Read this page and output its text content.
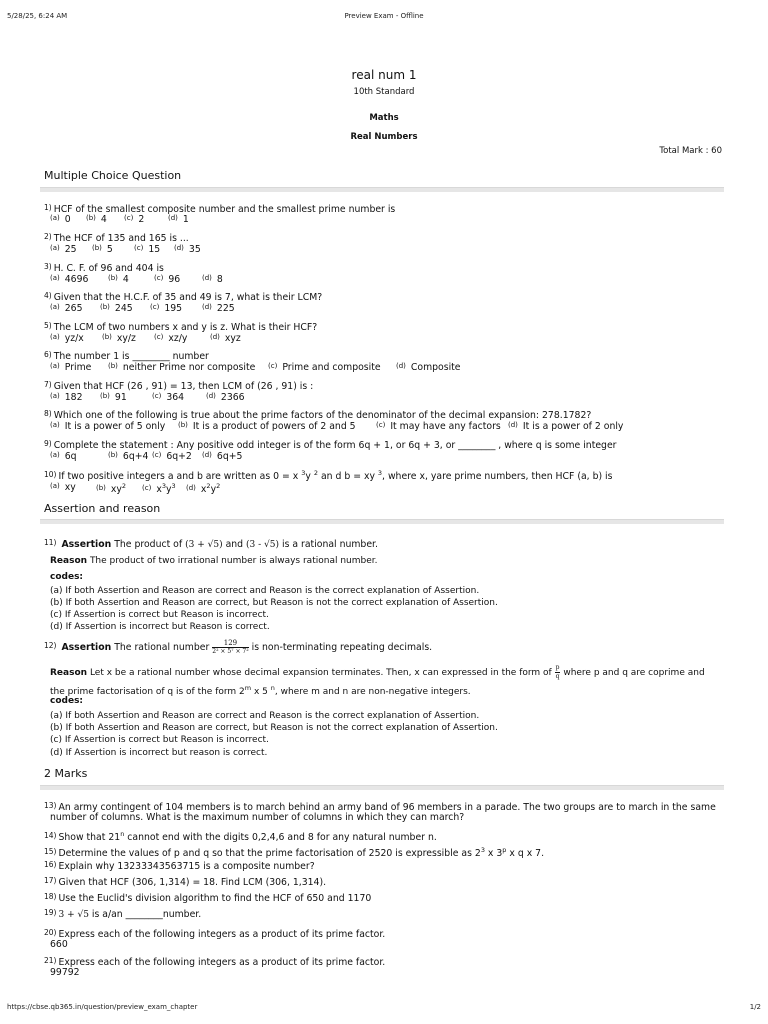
5/28/25, 6:24 AM	Preview Exam - Offline
real num 1
10th Standard
Maths
Real Numbers
Total Mark : 60
Multiple Choice Question
$^{1)}$ HCF of the smallest composite number and the smallest prime number is
$^{(a)}$ 0 $^{(b)}$ 4 $^{(c)}$ 2	$^{(d)}$ 1
$^{2)}$ The HCF of 135 and 165 is ...
$^{(a)}$ 25 $^{(b)}$ 5	$^{(c)}$ 15 $^{(d)}$ 35
$^{3)}$ H. C. F. of 96 and 404 is
$^{(a)}$ 4696	$^{(b)}$ 4	$^{(c)}$ 96	$^{(d)}$ 8
$^{4)}$ Given that the H.C.F. of 35 and 49 is 7, what is their LCM?
$^{(a)}$ 265 $^{(b)}$ 245 $^{(c)}$ 195	$^{(d)}$ 225
$^{5)}$ The LCM of two numbers x and y is z. What is their HCF?
$^{(a)}$ yz/x	$^{(b)}$ xy/z	$^{(c)}$ xz/y	$^{(d)}$ xyz
$^{6)}$ The number 1 is ________ number
$^{(a)}$ Prime $^{(b)}$ neither Prime nor composite $^{(c)}$ Prime and composite $^{(d)}$ Composite
$^{7)}$ Given that HCF (26 , 91) = 13, then LCM of (26 , 91) is :
$^{(a)}$ 182 $^{(b)}$ 91	$^{(c)}$ 364	$^{(d)}$ 2366
$^{8)}$ Which one of the following is true about the prime factors of the denominator of the decimal expansion: 278.1782?
$^{(a)}$ It is a power of 5 only $^{(b)}$ It is a product of powers of 2 and 5	$^{(c)}$ It may have any factors $^{(d)}$ It is a power of 2 only
$^{9)}$ Complete the statement : Any positive odd integer is of the form 6q + 1, or 6q + 3, or ________ , where q is some integer
$^{(a)}$ 6q	$^{(b)}$ 6q+4 $^{(c)}$ 6q+2 $^{(d)}$ 6q+5
$^{10)}$ If two positive integers a and b are written as 0 = x $^3$y $^2$ an d b = xy $^3$, where x, yare prime numbers, then HCF (a, b) is
$^{(a)}$ xy	$^{(b)}$ $xy^2$ $^{(c)}$ $x^3y^3$ $^{(d)}$ $x^2y^2$
Assertion and reason
$^{11)}$ Assertion The product of (3 + √5) and (3 - √5) is a rational number.
Reason The product of two irrational number is always rational number.
codes:
(a) If both Assertion and Reason are correct and Reason is the correct explanation of Assertion.
(b) If both Assertion and Reason are correct, but Reason is not the correct explanation of Assertion.
(c) If Assertion is correct but Reason is incorrect.
(d) If Assertion is incorrect but Reason is correct.
$^{12)}$ Assertion The rational number $\frac{129}{\text{2² × 5⁷ × 7²}}$ is non-terminating repeating decimals.
Reason Let x be a rational number whose decimal expansion terminates. Then, x can expressed in the form of $\frac{p}{q}$ where p and q are coprime and
the prime factorisation of q is of the form 2$^m$ x 5 $^n$, where m and n are non-negative integers.
codes:
(a) If both Assertion and Reason are correct and Reason is the correct explanation of Assertion.
(b) If both Assertion and Reason are correct, but Reason is not the correct explanation of Assertion.
(c) If Assertion is correct but Reason is incorrect.
(d) If Assertion is incorrect but reason is correct.
2 Marks
$^{13)}$ An army contingent of 104 members is to march behind an army band of 96 members in a parade. The two groups are to march in the same
number of columns. What is the maximum number of columns in which they can march?
$^{14)}$ Show that 21$^n$ cannot end with the digits 0,2,4,6 and 8 for any natural number n.
$^{15)}$ Determine the values of p and q so that the prime factorisation of 2520 is expressible as $2^3$ x 3$^p$ x q x 7.
$^{16)}$ Explain why 13233343563715 is a composite number?
$^{17)}$ Given that HCF (306, 1,314) = 18. Find LCM (306, 1,314).
$^{18)}$ Use the Euclid's division algorithm to find the HCF of 650 and 1170
$^{19)}$ 3 + √5 is a/an ________number.
$^{20)}$ Express each of the following integers as a product of its prime factor.
660
$^{21)}$ Express each of the following integers as a product of its prime factor.
99792
https://cbse.qb365.in/question/preview_exam_chapter	1/2
